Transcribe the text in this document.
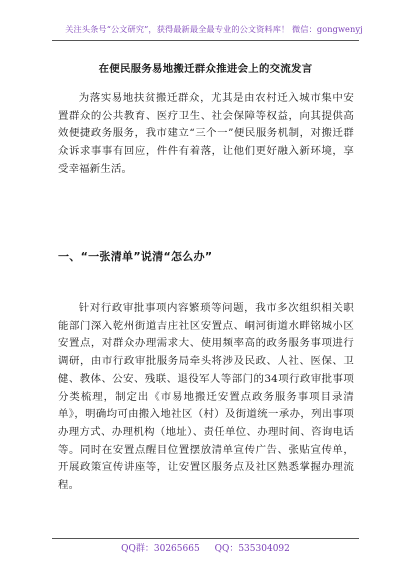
关注头条号“公文研究”，获得最新最全最专业的公文资料库！ 微信：gongwenyj
在便民服务易地搬迁群众推进会上的交流发言

为落实易地扶贫搬迁群众，尤其是由农村迁入城市集中安置群众的公共教育、医疗卫生、社会保障等权益，向其提供高效便捷政务服务，我市建立“三个一”便民服务机制，对搬迁群众诉求事事有回应，件件有着落，让他们更好融入新环境，享受幸福新生活。

一、“一张清单”说清“怎么办”

针对行政审批事项内容繁琐等问题，我市多次组织相关职能部门深入乾州街道吉庄社区安置点、峒河街道水畔铭城小区安置点，对群众办理需求大、使用频率高的政务服务事项进行调研，由市行政审批服务局牵头将涉及民政、人社、医保、卫健、教体、公安、残联、退役军人等部门的34项行政审批事项分类梳理，制定出《市易地搬迁安置点政务服务事项目录清单》，明确均可由搬入地社区（村）及街道统一承办，列出事项办理方式、办理机构（地址）、责任单位、办理时间、咨询电话等。同时在安置点醒目位置摆放清单宣传广告、张贴宣传单，开展政策宣传讲座等，让安置区服务点及社区熟悉掌握办理流程。

QQ群：30265665 QQ：535304092
